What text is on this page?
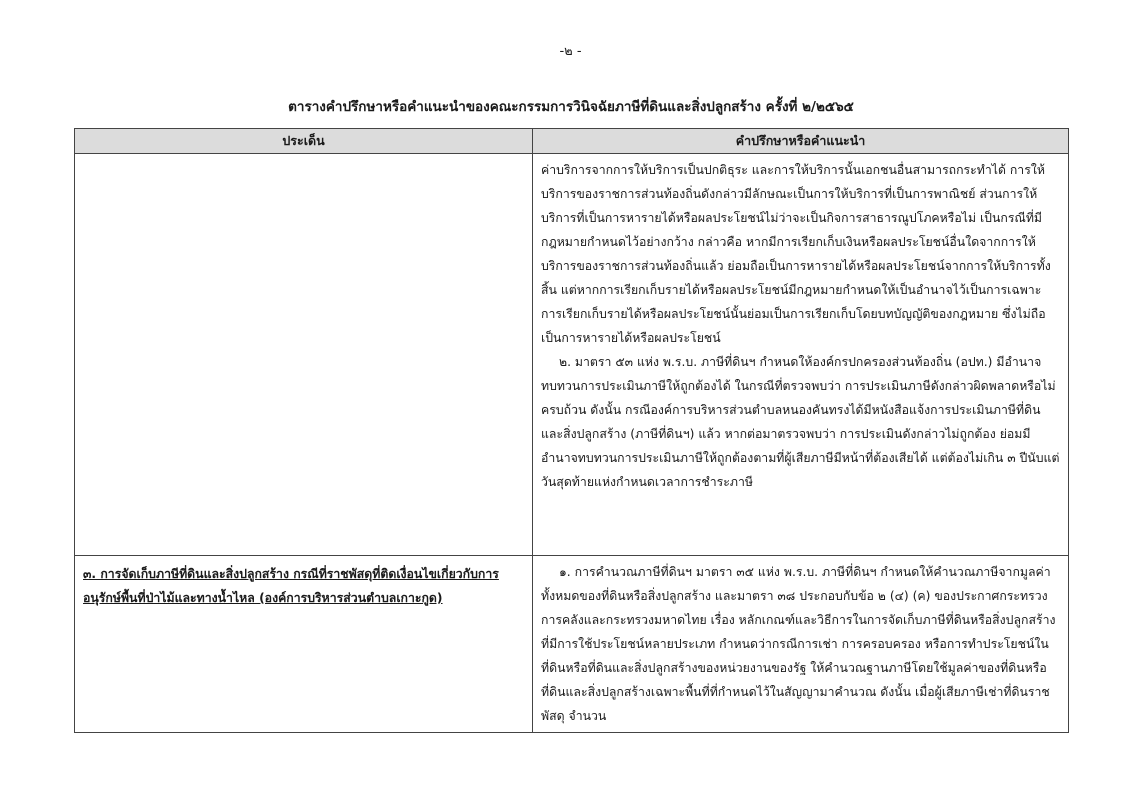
-๒ -
ตารางคำปรึกษาหรือคำแนะนำของคณะกรรมการวินิจฉัยภาษีที่ดินและสิ่งปลูกสร้าง ครั้งที่ ๒/๒๕๖๕
ประเด็น	คำปรึกษาหรือคำแนะนำ

	ค่าบริการจากการให้บริการเป็นปกติธุระ และการให้บริการนั้นเอกชนอื่นสามารถกระทำได้ การให้บริการของราชการส่วนท้องถิ่นดังกล่าวมีลักษณะเป็นการให้บริการที่เป็นการพาณิชย์ ส่วนการให้บริการที่เป็นการหารายได้หรือผลประโยชน์ไม่ว่าจะเป็นกิจการสาธารณูปโภคหรือไม่ เป็นกรณีที่มีกฎหมายกำหนดไว้อย่างกว้าง กล่าวคือ หากมีการเรียกเก็บเงินหรือผลประโยชน์อื่นใดจากการให้บริการของราชการส่วนท้องถิ่นแล้ว ย่อมถือเป็นการหารายได้หรือผลประโยชน์จากการให้บริการทั้งสิ้น แต่หากการเรียกเก็บรายได้หรือผลประโยชน์มีกฎหมายกำหนดให้เป็นอำนาจไว้เป็นการเฉพาะ การเรียกเก็บรายได้หรือผลประโยชน์นั้นย่อมเป็นการเรียกเก็บโดยบทบัญญัติของกฎหมาย ซึ่งไม่ถือเป็นการหารายได้หรือผลประโยชน์

๒. มาตรา ๕๓ แห่ง พ.ร.บ. ภาษีที่ดินฯ กำหนดให้องค์กรปกครองส่วนท้องถิ่น (อปท.) มีอำนาจทบทวนการประเมินภาษีให้ถูกต้องได้ ในกรณีที่ตรวจพบว่า การประเมินภาษีดังกล่าวผิดพลาดหรือไม่ครบถ้วน ดังนั้น กรณีองค์การบริหารส่วนตำบลหนองคันทรงได้มีหนังสือแจ้งการประเมินภาษีที่ดินและสิ่งปลูกสร้าง (ภาษีที่ดินฯ) แล้ว หากต่อมาตรวจพบว่า การประเมินดังกล่าวไม่ถูกต้อง ย่อมมีอำนาจทบทวนการประเมินภาษีให้ถูกต้องตามที่ผู้เสียภาษีมีหน้าที่ต้องเสียได้ แต่ต้องไม่เกิน ๓ ปีนับแต่วันสุดท้ายแห่งกำหนดเวลาการชำระภาษี

๓. การจัดเก็บภาษีที่ดินและสิ่งปลูกสร้าง กรณีที่ราชพัสดุที่ติดเงื่อนไขเกี่ยวกับการอนุรักษ์พื้นที่ป่าไม้และทางน้ำไหล (องค์การบริหารส่วนตำบลเกาะกูด)	๑. การคำนวณภาษีที่ดินฯ มาตรา ๓๕ แห่ง พ.ร.บ. ภาษีที่ดินฯ กำหนดให้คำนวณภาษีจากมูลค่าทั้งหมดของที่ดินหรือสิ่งปลูกสร้าง และมาตรา ๓๘ ประกอบกับข้อ ๒ (๔) (ค) ของประกาศกระทรวงการคลังและกระทรวงมหาดไทย เรื่อง หลักเกณฑ์และวิธีการในการจัดเก็บภาษีที่ดินหรือสิ่งปลูกสร้างที่มีการใช้ประโยชน์หลายประเภท กำหนดว่ากรณีการเช่า การครอบครอง หรือการทำประโยชน์ในที่ดินหรือที่ดินและสิ่งปลูกสร้างของหน่วยงานของรัฐ ให้คำนวณฐานภาษีโดยใช้มูลค่าของที่ดินหรือที่ดินและสิ่งปลูกสร้างเฉพาะพื้นที่ที่กำหนดไว้ในสัญญามาคำนวณ ดังนั้น เมื่อผู้เสียภาษีเช่าที่ดินราชพัสดุ จำนวน
